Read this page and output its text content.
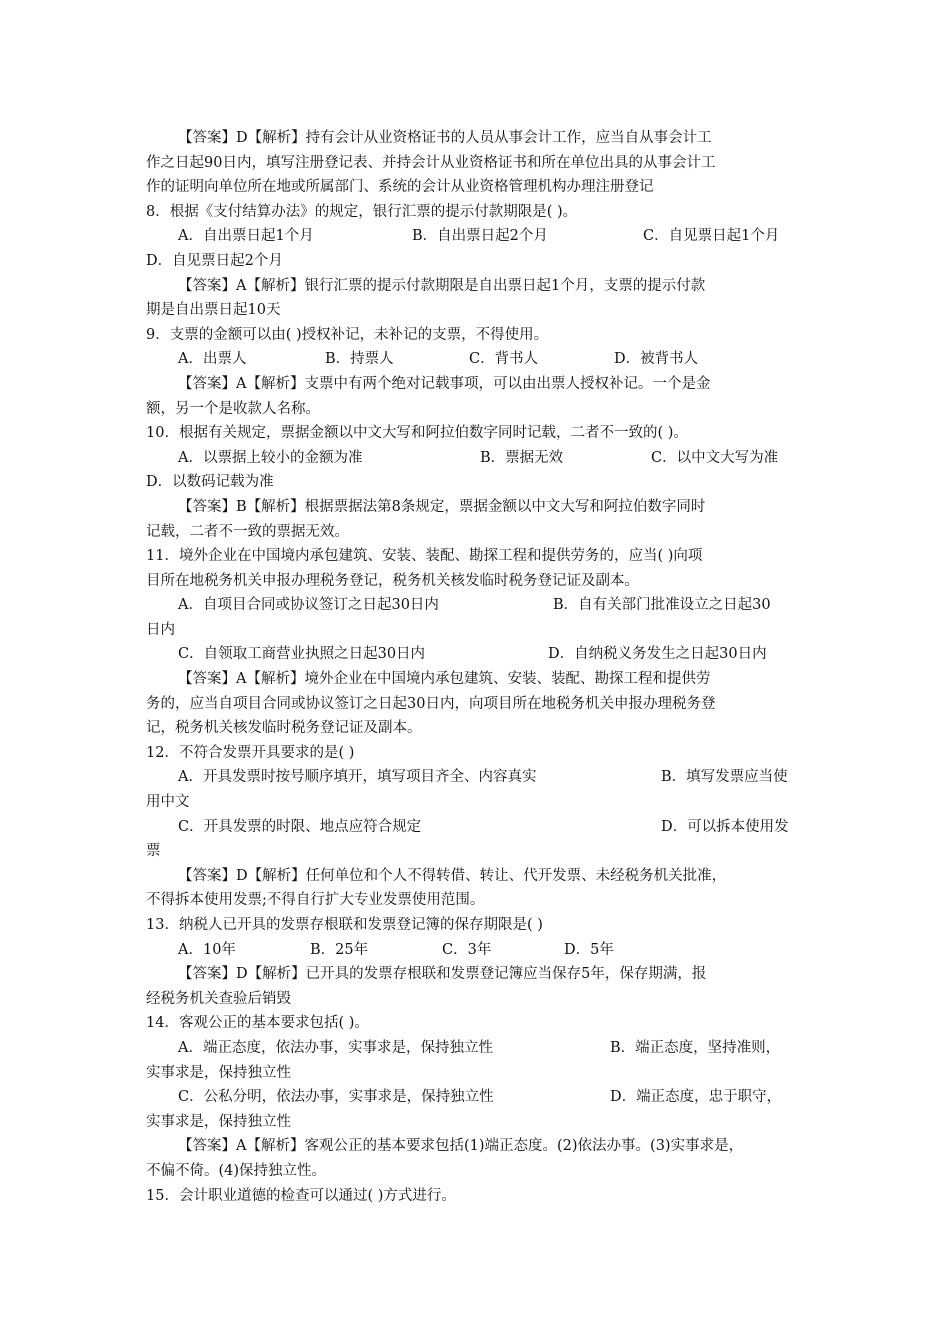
【答案】D【解析】持有会计从业资格证书的人员从事会计工作，应当自从事会计工
作之日起90日内，填写注册登记表、并持会计从业资格证书和所在单位出具的从事会计工
作的证明向单位所在地或所属部门、系统的会计从业资格管理机构办理注册登记
8．根据《支付结算办法》的规定，银行汇票的提示付款期限是( )。
A．自出票日起1个月	B．自出票日起2个月	C．自见票日起1个月
D．自见票日起2个月
【答案】A【解析】银行汇票的提示付款期限是自出票日起1个月，支票的提示付款
期是自出票日起10天
9．支票的金额可以由( )授权补记，未补记的支票，不得使用。
A．出票人	B．持票人	C．背书人	D．被背书人
【答案】A【解析】支票中有两个绝对记载事项，可以由出票人授权补记。一个是金
额，另一个是收款人名称。
10．根据有关规定，票据金额以中文大写和阿拉伯数字同时记载，二者不一致的( )。
A．以票据上较小的金额为准	B．票据无效	C．以中文大写为准
D．以数码记载为准
【答案】B【解析】根据票据法第8条规定，票据金额以中文大写和阿拉伯数字同时
记载，二者不一致的票据无效。
11．境外企业在中国境内承包建筑、安装、装配、勘探工程和提供劳务的，应当( )向项
目所在地税务机关申报办理税务登记，税务机关核发临时税务登记证及副本。
A．自项目合同或协议签订之日起30日内	B．自有关部门批准设立之日起30
日内
C．自领取工商营业执照之日起30日内	D．自纳税义务发生之日起30日内
【答案】A【解析】境外企业在中国境内承包建筑、安装、装配、勘探工程和提供劳
务的，应当自项目合同或协议签订之日起30日内，向项目所在地税务机关申报办理税务登
记，税务机关核发临时税务登记证及副本。
12．不符合发票开具要求的是( )
A．开具发票时按号顺序填开，填写项目齐全、内容真实	B．填写发票应当使
用中文
C．开具发票的时限、地点应符合规定	D．可以拆本使用发
票
【答案】D【解析】任何单位和个人不得转借、转让、代开发票、未经税务机关批准，
不得拆本使用发票;不得自行扩大专业发票使用范围。
13．纳税人已开具的发票存根联和发票登记簿的保存期限是( )
A．10年	B．25年	C．3年	D．5年
【答案】D【解析】已开具的发票存根联和发票登记簿应当保存5年，保存期满，报
经税务机关查验后销毁
14．客观公正的基本要求包括( )。
A．端正态度，依法办事，实事求是，保持独立性	B．端正态度，坚持准则，
实事求是，保持独立性
C．公私分明，依法办事，实事求是，保持独立性	D．端正态度，忠于职守，
实事求是，保持独立性
【答案】A【解析】客观公正的基本要求包括(1)端正态度。(2)依法办事。(3)实事求是，
不偏不倚。(4)保持独立性。
15．会计职业道德的检查可以通过( )方式进行。
